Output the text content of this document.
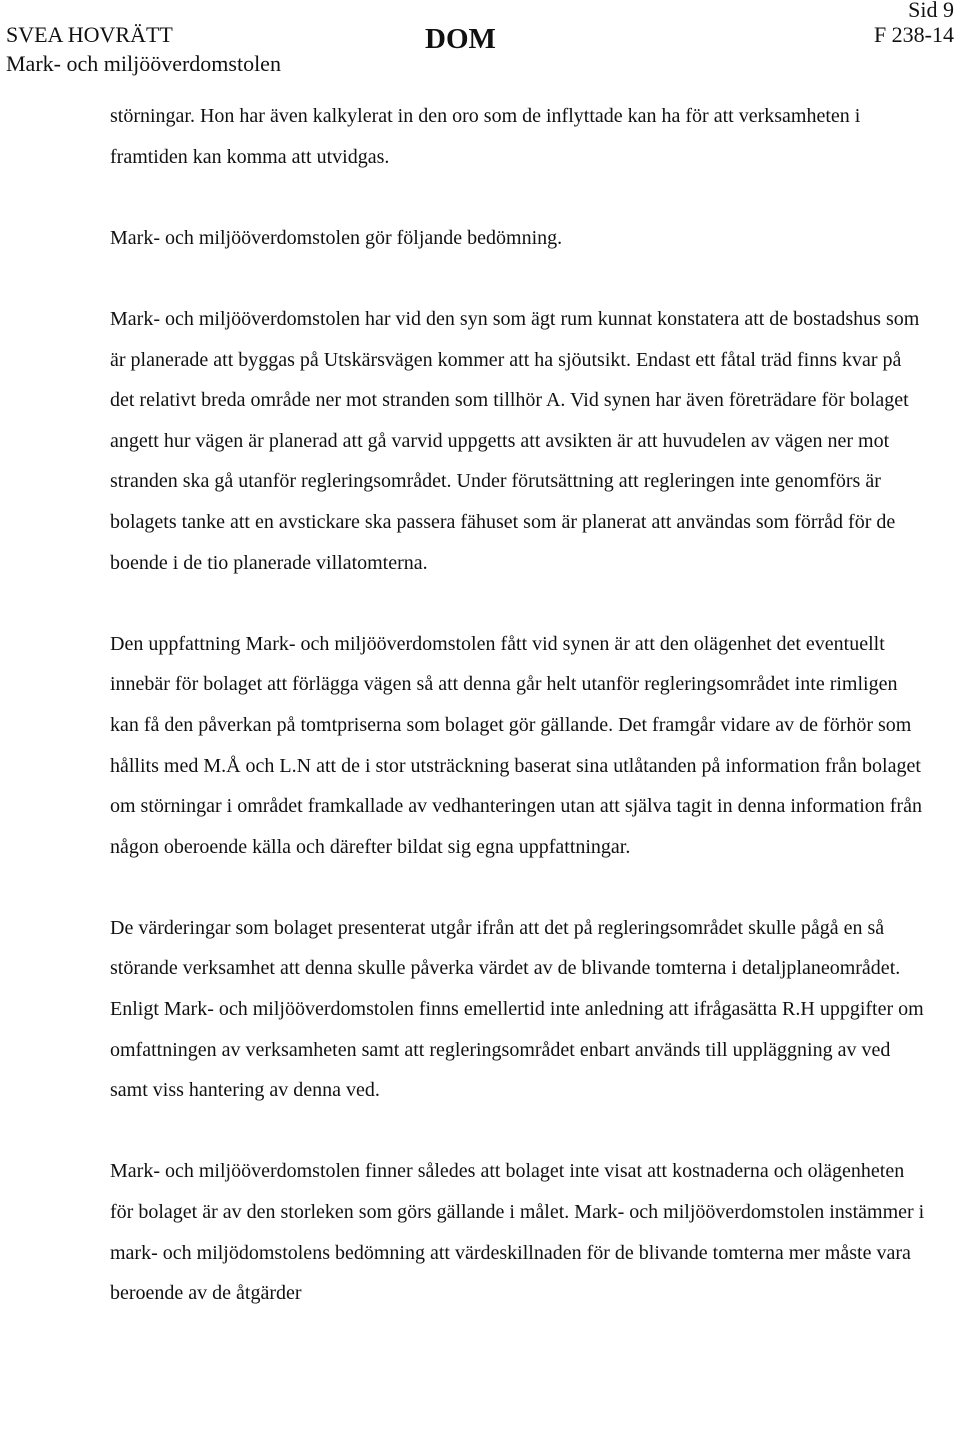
SVEA HOVRÄTT
Mark- och miljööverdomstolen
DOM
Sid 9
F 238-14

störningar. Hon har även kalkylerat in den oro som de inflyttade kan ha för att verksamheten i framtiden kan komma att utvidgas.

Mark- och miljööverdomstolen gör följande bedömning.

Mark- och miljööverdomstolen har vid den syn som ägt rum kunnat konstatera att de bostadshus som är planerade att byggas på Utskärsvägen kommer att ha sjöutsikt. Endast ett fåtal träd finns kvar på det relativt breda område ner mot stranden som tillhör A. Vid synen har även företrädare för bolaget angett hur vägen är planerad att gå varvid uppgetts att avsikten är att huvudelen av vägen ner mot stranden ska gå utanför regleringsområdet. Under förutsättning att regleringen inte genomförs är bolagets tanke att en avstickare ska passera fähuset som är planerat att användas som förråd för de boende i de tio planerade villatomterna.

Den uppfattning Mark- och miljööverdomstolen fått vid synen är att den olägenhet det eventuellt innebär för bolaget att förlägga vägen så att denna går helt utanför regleringsområdet inte rimligen kan få den påverkan på tomtpriserna som bolaget gör gällande. Det framgår vidare av de förhör som hållits med M.Å och L.N att de i stor utsträckning baserat sina utlåtanden på information från bolaget om störningar i området framkallade av vedhanteringen utan att själva tagit in denna information från någon oberoende källa och därefter bildat sig egna uppfattningar.

De värderingar som bolaget presenterat utgår ifrån att det på regleringsområdet skulle pågå en så störande verksamhet att denna skulle påverka värdet av de blivande tomterna i detaljplaneområdet. Enligt Mark- och miljööverdomstolen finns emellertid inte anledning att ifrågasätta R.H uppgifter om omfattningen av verksamheten samt att regleringsområdet enbart används till uppläggning av ved samt viss hantering av denna ved.

Mark- och miljööverdomstolen finner således att bolaget inte visat att kostnaderna och olägenheten för bolaget är av den storleken som görs gällande i målet. Mark- och miljööverdomstolen instämmer i mark- och miljödomstolens bedömning att värdeskillnaden för de blivande tomterna mer måste vara beroende av de åtgärder
